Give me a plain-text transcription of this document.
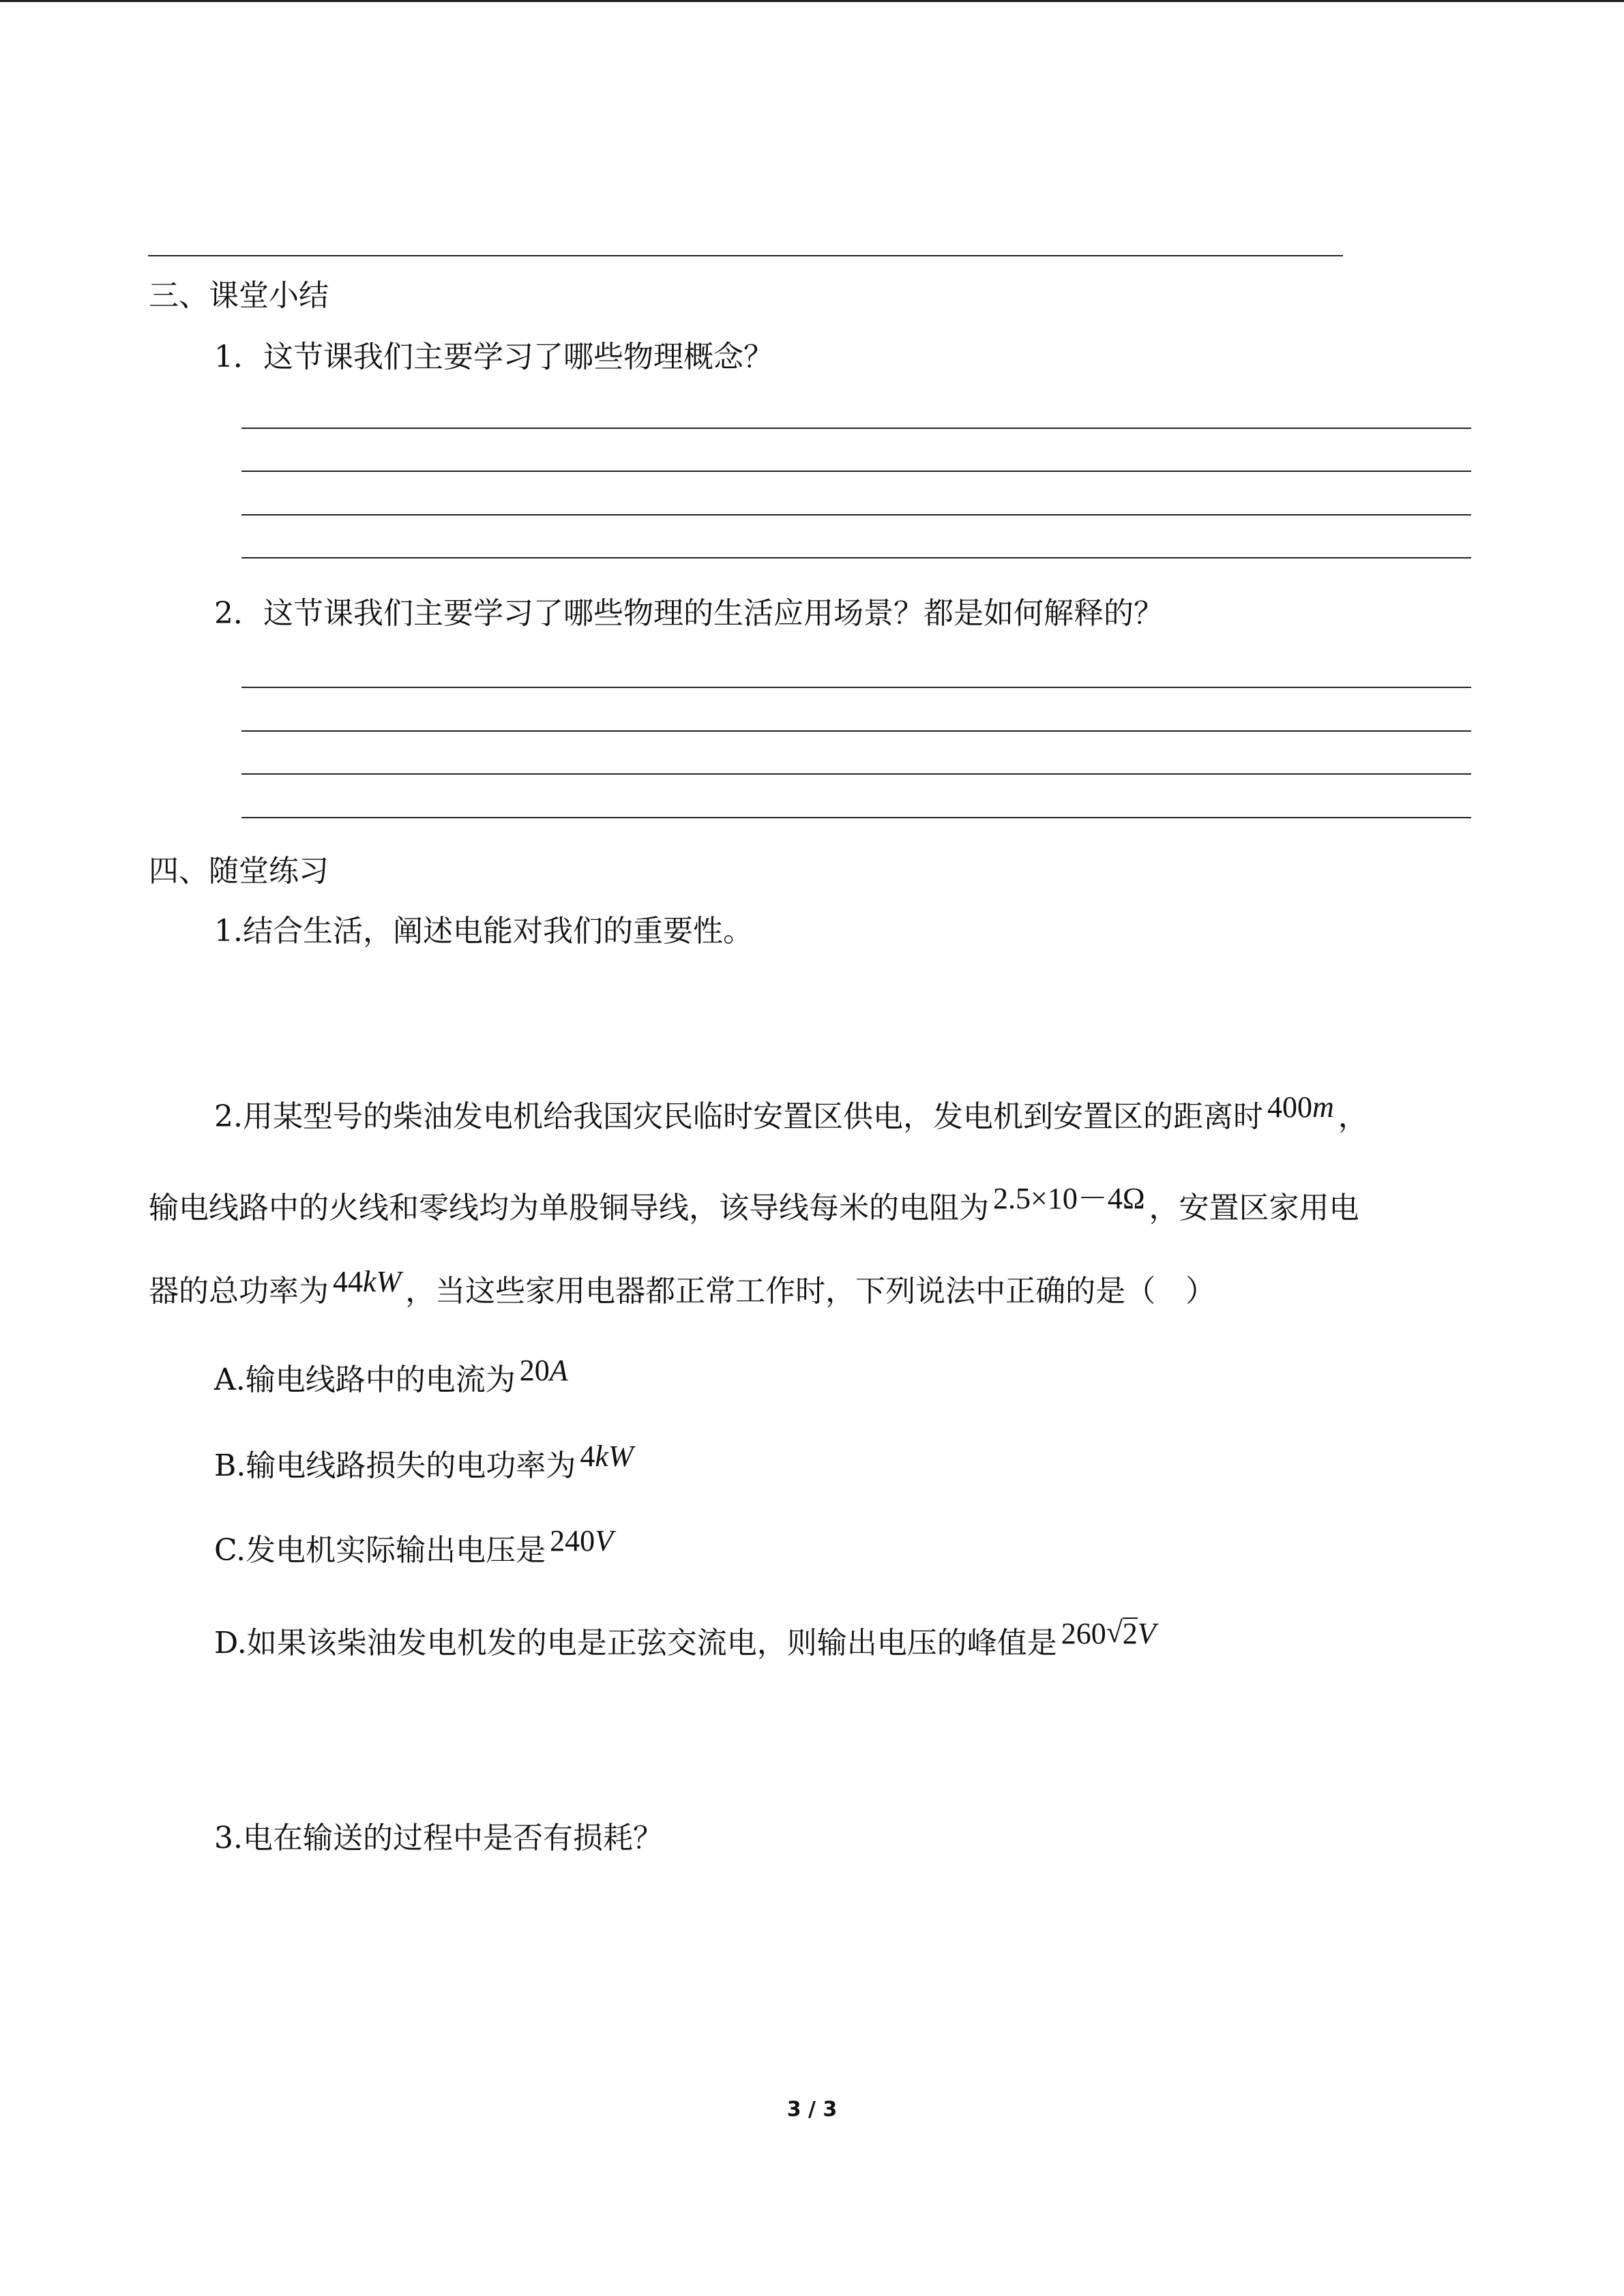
三、课堂小结
1．这节课我们主要学习了哪些物理概念？
2．这节课我们主要学习了哪些物理的生活应用场景？都是如何解释的？
四、随堂练习
1.结合生活，阐述电能对我们的重要性。
2.用某型号的柴油发电机给我国灾民临时安置区供电，发电机到安置区的距离时 400m ，
输电线路中的火线和零线均为单股铜导线，该导线每米的电阻为 2.5×10－4Ω ，安置区家用电
器的总功率为 44kW ，当这些家用电器都正常工作时，下列说法中正确的是（　）
A.输电线路中的电流为 20A
B.输电线路损失的电功率为 4kW
C.发电机实际输出电压是 240V
D.如果该柴油发电机发的电是正弦交流电，则输出电压的峰值是 260√ 2V
3.电在输送的过程中是否有损耗？
3 / 3
